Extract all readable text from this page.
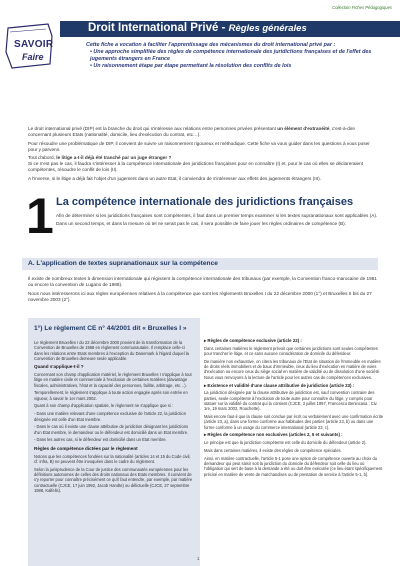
Collection Fiches Pédagogiques
SAVOIR
Faire
Droit International Privé - Règles générales

Cette fiche a vocation à faciliter l'apprentissage des mécanismes du droit international privé par :

• Une approche simplifiée des règles de compétence internationale des juridictions françaises et de l'effet des jugements étrangers en France

• Un raisonnement étape par étape permettant la résolution des conflits de lois

Le droit international privé (DIP) est la branche du droit qui s'intéresse aux relations entre personnes privées présentant un élément d'extranéité, c'est-à-dire concernant plusieurs Etats (nationalité, domicile, lieu d'exécution du contrat, etc…).

Pour résoudre une problématique de DIP, il convient de suivre un raisonnement rigoureux et méthodique. Cette fiche va vous guider dans les questions à vous poser pour y parvenir.

Tout d'abord, le litige a-t-il déjà été tranché par un juge étranger ?
Si ce n'est pas le cas, il faudra s'intéresser à la compétence internationale des juridictions françaises pour en connaître (I) et, pour le cas où elles se déclareraient compétentes, résoudre le conflit de lois (II).

A l'inverse, si le litige a déjà fait l'objet d'un jugement dans un autre Etat, il conviendra de s'intéresser aux effets des jugements étrangers (III).

1 La compétence internationale des juridictions françaises

Afin de déterminer si les juridictions françaises sont compétentes, il faut dans un premier temps examiner si les textes supranationaux sont applicables (A).

Dans un second temps, et dans la mesure où tel ne serait pas le cas, il sera possible de faire jouer les règles ordinaires de compétence (B).

A. L'application de textes supranationaux sur la compétence

Il existe de nombreux textes à dimension internationale qui régissent la compétence internationale des tribunaux (par exemple, la Convention franco-marocaine de 1981 ou encore la convention de Lugano de 1988).

Nous nous intéresserons ici aux règles européennes relatives à la compétence que sont les règlements Bruxelles I du 22 décembre 2000 (1°) et Bruxelles II bis du 27 novembre 2003 (2°).

1°) Le règlement CE n° 44/2001 dit « Bruxelles I »

Le règlement Bruxelles I du 22 décembre 2000 provient de la transformation de la Convention de Bruxelles de 1968 en règlement communautaire. Il remplace celle-ci dans les relations entre Etats membres à l'exception du Danemark à l'égard duquel la Convention de Bruxelles demeure seule applicable.

Quand s'applique-t-il ?

Concernant son champ d'application matériel, le règlement Bruxelles I s'applique à tout litige en matière civile et commerciale à l'exclusion de certaines matières (davantage fiscales, administratives, l'état et la capacité des personnes, faillite, arbitrage, etc…).

Temporellement, le règlement s'applique à toute action engagée après son entrée en vigueur, à savoir le 1er mars 2002.

Quant à son champ d'application spatiale, le règlement ne s'applique que si :

- Dans une matière relevant d'une compétence exclusive de l'article 22, la juridiction désignée est celle d'un Etat membre.

- Dans le cas où il existe une clause attributive de juridiction désignant les juridictions d'un Etat membre, le demandeur ou le défendeur est domicilié dans un Etat membre.

- Dans les autres cas, si le défendeur est domicilié dans un Etat membre.

Règles de compétence dictées par le règlement

Notons que les compétences fondées sur la nationalité (articles 14 et 15 du Code civil, cf. infra, B) ne peuvent être invoquées dans le cadre du règlement.

Selon la jurisprudence de la Cour de justice des communautés européennes pour les définitions autonomes de celles des droits nationaux des Etats membres. Il convient de s'y reporter pour connaître précisément ce qu'il faut entendre, par exemple, par matière contractuelle (CJCE, 17 juin 1992, Jacob Handte) ou délictuelle (CJCE, 27 septembre 1988, Kalfelis).

▸ Règles de compétence exclusive (article 22) :

Dans certaines matières le règlement prévoit que certaines juridictions sont seules compétentes pour trancher le litige, et ce sans aucune considération de domicile du défendeur.

De manière non exhaustive, on citera les tribunaux de l'Etat de situation de l'immeuble en matière de droits réels immobiliers et de baux d'immeuble, ceux du lieu d'exécution en matière de voies d'exécution ou encore ceux du siège social en matière de validité ou de dissolution d'une société. Nous vous renvoyons à la lecture de l'article pour les autres cas de compétences exclusives.

▸ Existence et validité d'une clause attributive de juridiction (article 23) :

La juridiction désignée par la clause attributive de juridiction est, sauf convention contraire des parties, seule compétente à l'exclusion de toute autre pour connaître du litige, y compris pour statuer sur la validité du contrat qui la contient (CJCE, 3 juillet 1997, Francesco Benincasa ; Civ. 1re, 19 mars 2002, Rouchette).

Mais encore faut-il que la clause soit conclue par écrit ou verbalement avec une confirmation écrite (article 23, a), dans une forme conforme aux habitudes des parties (article 23, b) ou dans une forme conforme à un usage du commerce international (article 23, c).

▸ Règles de compétence non exclusives (articles 2, 5 et suivants) :

Le principe est que la juridiction compétente est celle du domicile du défendeur (article 2).

Mais dans certaines matières, il existe des règles de compétence spéciales.

Ainsi, en matière contractuelle, l'article 5-1 pose une option de compétence ouverte au choix du demandeur qui peut saisir soit la juridiction du domicile du défendeur soit celle du lieu où l'obligation qui sert de base à la demande a été ou doit être exécutée (ce lieu étant spécifiquement précisé en matière de vente de marchandises ou de prestation de service à l'article 5-1, b).

1
